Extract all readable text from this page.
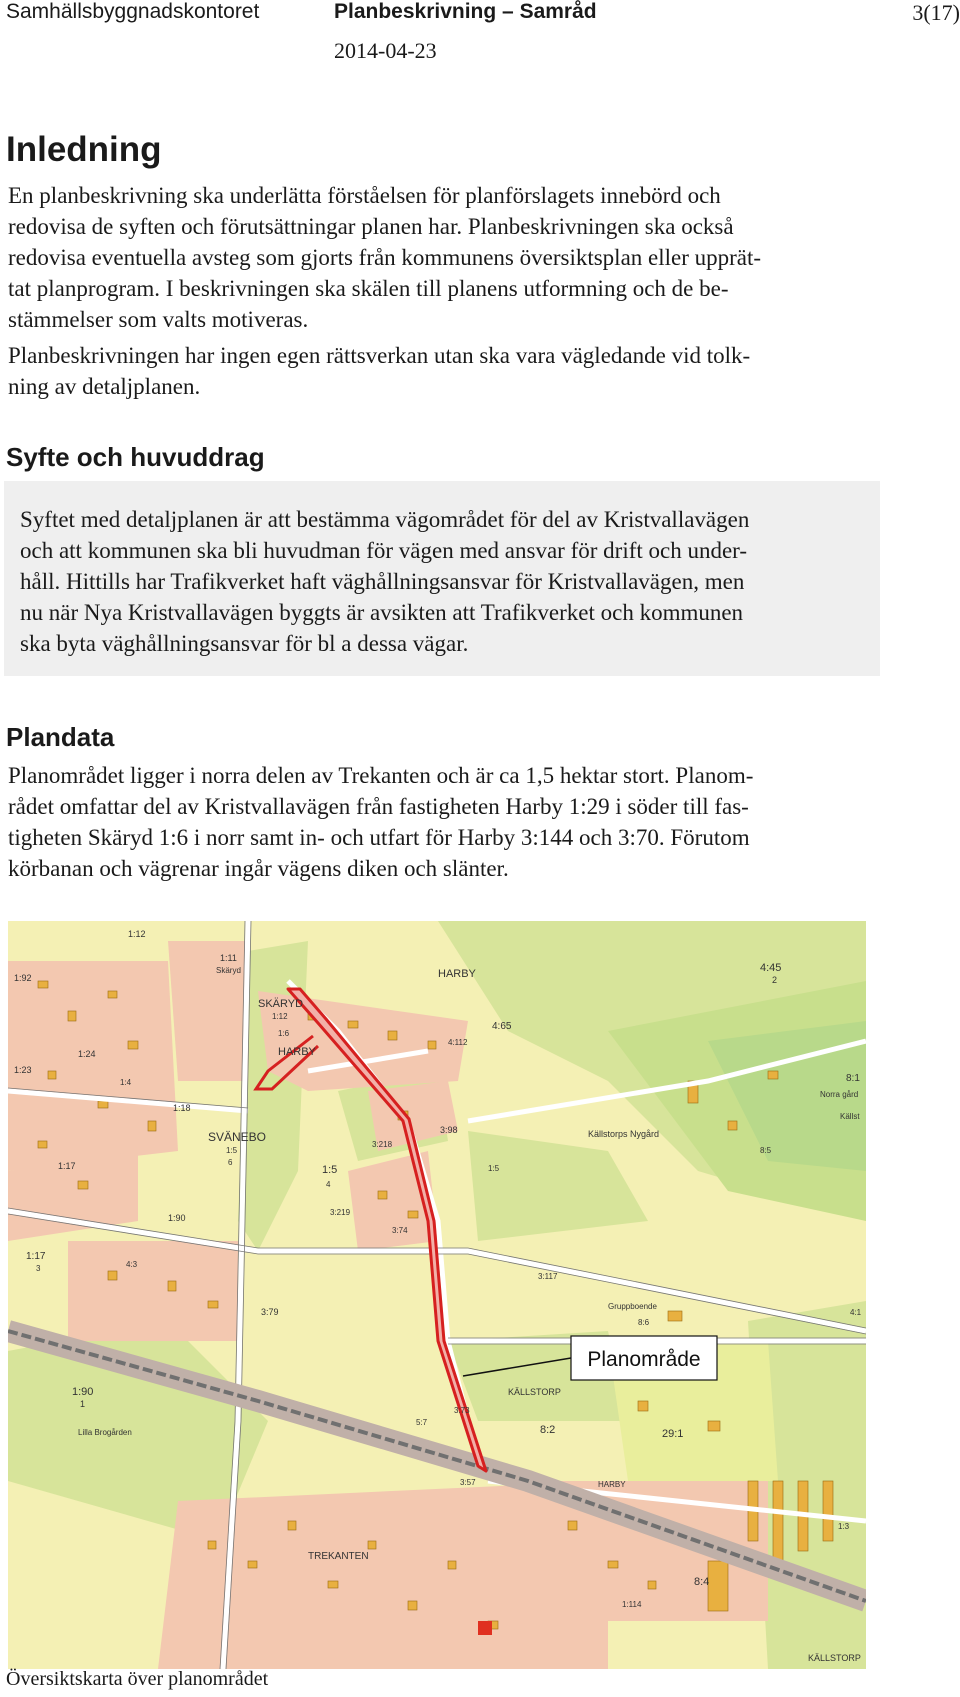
Samhällsbyggnadskontoret	Planbeskrivning – Samråd	3(17)
2014-04-23
Inledning

En planbeskrivning ska underlätta förståelsen för planförslagets innebörd och
redovisa de syften och förutsättningar planen har. Planbeskrivningen ska också
redovisa eventuella avsteg som gjorts från kommunens översiktsplan eller upprät-
tat planprogram. I beskrivningen ska skälen till planens utformning och de be-
stämmelser som valts motiveras.

Planbeskrivningen har ingen egen rättsverkan utan ska vara vägledande vid tolk-
ning av detaljplanen.

Syfte och huvuddrag

Syftet med detaljplanen är att bestämma vägområdet för del av Kristvallavägen
och att kommunen ska bli huvudman för vägen med ansvar för drift och under-
håll. Hittills har Trafikverket haft väghållningsansvar för Kristvallavägen, men
nu när Nya Kristvallavägen byggts är avsikten att Trafikverket och kommunen
ska byta väghållningsansvar för bl a dessa vägar.

Plandata

Planområdet ligger i norra delen av Trekanten och är ca 1,5 hektar stort. Planom-
rådet omfattar del av Kristvallavägen från fastigheten Harby 1:29 i söder till fas-
tigheten Skäryd 1:6 i norr samt in- och utfart för Harby 3:144 och 3:70. Förutom
körbanan och vägrenar ingår vägens diken och slänter.

Planområde
SKÄRYD
HARBY
HARBY
SVÄNEBO
KÄLLSTORP
KÄLLSTORP
Källstorps Nygård
Lilla Brogården
Gruppboende
TREKANTEN
Norra gård
Källst
HARBY
1:12
1:11
Skäryd
1:92
1:12
1:6
4:65
4:112
4:45
2
1:24
1:23
1:4
1:18
8:1
3:98
3:218
1:5
4
1:5
1:5
6
1:17
1:90
3:219
3:74
8:5
1:17
3	4:3
3:117
3:79
8:6
4:1
1:90
1
3:73
8:2	29:1
5:7
3:57
1:3
8:4
1:114
Översiktskarta över planområdet
